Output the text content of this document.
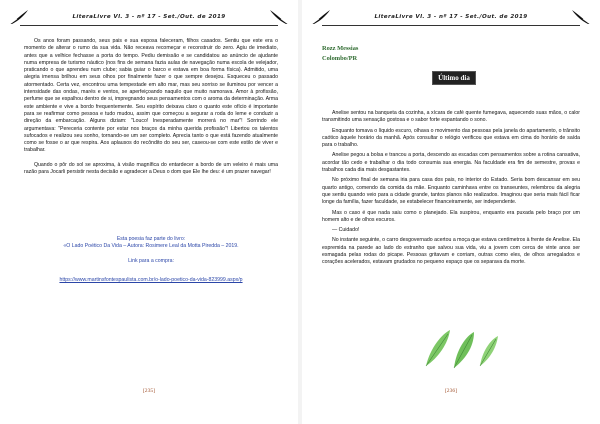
LiteraLivre Vl. 3 - nº 17 - Set./Out. de 2019

Os anos foram passando, seus pais e sua esposa faleceram, filhos casados. Sentiu que este era o momento de alterar o rumo da sua vida. Não receava recomeçar e reconstruir do zero. Agiu de imediato, antes que a velhice fechasse a porta do tempo. Pediu demissão e se candidatou ao anúncio de ajudante numa empresa de turismo náutico (nos fins de semana fazia aulas de navegação numa escola de velejador, praticando o que aprendeu num clube; sabia guiar o barco e estava em boa forma física). Admitido, uma alegria imensa brilhou em seus olhos por finalmente fazer o que sempre desejou. Esqueceu o passado atormentado. Certa vez, encontrou uma tempestade em alto mar, mas seu sorriso se iluminou por vencer a intensidade das ondas, marés e ventos, se aperfeiçoando naquilo que muito namorava. Amor à profissão, perfume que se espalhou dentro de si, impregnando seus pensamentos com o aroma da determinação. Arma este ambiente e vive a bordo frequentemente. Seu espírito deixava claro o quanto este ofício é importante para se reafirmar como pessoa e tudo mudou, assim que começou a segurar a roda do leme e conduzir a direção da embarcação. Alguns diziam: "Louco! Inesperadamente morrerá no mar"! Sorrindo ele argumentava: "Pereceria contente por estar nos braços da minha querida profissão"! Libertou os talentos sufocados e realizou seu sonho, tornando-se um ser completo. Aprecia tanto o que está fazendo atualmente como se fosse o ar que respira. Aos aplausos do recôndito do seu ser, caseou-se com este estilo de viver e trabalhar.

Quando o pôr do sol se aproxima, à visão magnífica do entardecer a bordo de um veleiro é mais uma razão para Jocarli persistir nesta decisão e agradecer a Deus o dom que Ele lhe deu: é um prazer navegar!

Esta poesia faz parte do livro:
«O Lado Poético Da Vida – Autora: Rosimere Leal da Motta Piredda – 2019.
Link para a compra:
https://www.martinsfontespaulista.com.br/o-lado-poetico-da-vida-823999.aspx/p
[235]
LiteraLivre Vl. 3 - nº 17 - Set./Out. de 2019
Rozz Messias
Colombo/PR
Último dia

Anelise sentou na banqueta da cozinha, a xícara de café quente fumegava, aquecendo suas mãos, o calor transmitindo uma sensação gostosa e o sabor forte espantando o sono.

Enquanto tomava o líquido escuro, olhava o movimento das pessoas pela janela do apartamento, o trânsito caótico àquele horário da manhã. Após consultar o relógio verificou que estava em cima do horário de saída para o trabalho.

Anelise pegou a bolsa e trancou a porta, descendo as escadas com pensamentos sobre a rotina cansativa, acordar tão cedo e trabalhar o dia todo consumia sua energia. Na faculdade era fim de semestre, provas e trabalhos cada dia mais desgastantes.

No próximo final de semana iria para casa dos pais, no interior do Estado. Seria bom descansar em seu quarto antigo, comendo da comida da mãe. Enquanto caminhava entre os transeuntes, relembrou da alegria que sentiu quando veio para a cidade grande, tantos planos não realizados. Imaginou que seria mais fácil ficar longe da família, fazer faculdade, se estabelecer financeiramente, ser independente.

Mas o caso é que nada saiu como o planejado. Ela suspirou, enquanto era puxada pelo braço por um homem alto e de olhos escuros.

— Cuidado!

No instante seguinte, o carro desgovernado acertou a moça que estava centímetros à frente de Anelise. Ela espremida na parede ao lado do estranho que salvou sua vida, viu a jovem com cerca de vinte anos ser esmagada pelas rodas do picape. Pessoas gritavam e corriam, outras como eles, de olhos arregalados e corações acelerados, estavam grudados no pequeno espaço que os separava da morte.

[236]
